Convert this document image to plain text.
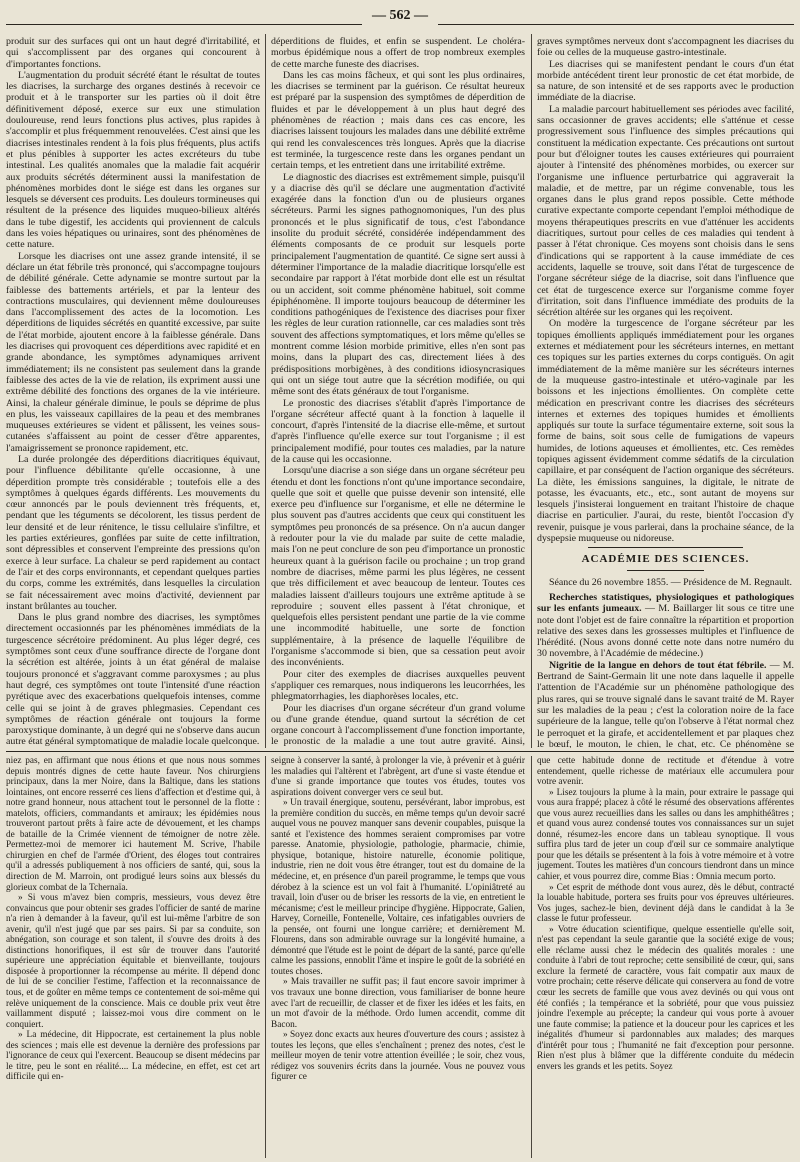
— 562 —

produit sur des surfaces qui ont un haut degré d'irritabilité, et qui s'accomplissent par des organes qui concourent à d'importantes fonctions.

L'augmentation du produit sécrété étant le résultat de toutes les diacrises, la surcharge des organes destinés à recevoir ce produit et à le transporter sur les parties où il doit être définitivement déposé, exerce sur eux une stimulation douloureuse, rend leurs fonctions plus actives, plus rapides à s'accomplir et plus fréquemment renouvelées. C'est ainsi que les diacrises intestinales rendent à la fois plus fréquents, plus actifs et plus pénibles à supporter les actes excréteurs du tube intestinal. Les qualités anomales que la maladie fait acquérir aux produits sécrétés déterminent aussi la manifestation de phénomènes morbides dont le siége est dans les organes sur lesquels se déversent ces produits. Les douleurs tormineuses qui résultent de la présence des liquides muqueo-bilieux altérés dans le tube digestif, les accidents qui proviennent de calculs dans les voies hépatiques ou urinaires, sont des phénomènes de cette nature.

Lorsque les diacrises ont une assez grande intensité, il se déclare un état fébrile très prononcé, qui s'accompagne toujours de débilité générale. Cette adynamie se montre surtout par la faiblesse des battements artériels, et par la lenteur des contractions musculaires, qui deviennent même douloureuses dans l'accomplissement des actes de la locomotion. Les déperditions de liquides sécrétés en quantité excessive, par suite de l'état morbide, ajoutent encore à la faiblesse générale. Dans les diacrises qui provoquent ces déperditions avec rapidité et en grande abondance, les symptômes adynamiques arrivent immédiatement; ils ne consistent pas seulement dans la grande faiblesse des actes de la vie de relation, ils expriment aussi une extrême débilité des fonctions des organes de la vie intérieure. Ainsi, la chaleur générale diminue, le pouls se déprime de plus en plus, les vaisseaux capillaires de la peau et des membranes muqueuses extérieures se vident et pâlissent, les veines sous-cutanées s'affaissent au point de cesser d'être apparentes, l'amaigrissement se prononce rapidement, etc.

La durée prolongée des déperditions diacritiques équivaut, pour l'influence débilitante qu'elle occasionne, à une déperdition prompte très considérable ; toutefois elle a des symptômes à quelques égards différents. Les mouvements du cœur annoncés par le pouls deviennent très fréquents, et, pendant que les téguments se décolorent, les tissus perdent de leur densité et de leur rénitence, le tissu cellulaire s'infiltre, et les parties extérieures, gonflées par suite de cette infiltration, sont dépressibles et conservent l'empreinte des pressions qu'on exerce à leur surface. La chaleur se perd rapidement au contact de l'air et des corps environnants, et cependant quelques parties du corps, comme les extrémités, dans lesquelles la circulation se fait nécessairement avec moins d'activité, deviennent par instant brûlantes au toucher.

Dans le plus grand nombre des diacrises, les symptômes directement occasionnés par les phénomènes immédiats de la turgescence sécrétoire prédominent. Au plus léger degré, ces symptômes sont ceux d'une souffrance directe de l'organe dont la sécrétion est altérée, joints à un état général de malaise toujours prononcé et s'aggravant comme paroxysmes ; au plus haut degré, ces symptômes ont toute l'intensité d'une réaction pyrétique avec des exacerbations quelquefois intenses, comme celle qui se joint à de graves phlegmasies. Cependant ces symptômes de réaction générale ont toujours la forme paroxystique dominante, à un degré qui ne s'observe dans aucun autre état général symptomatique de maladie locale quelconque.

déperditions de fluides, et enfin se suspendent. Le choléra-morbus épidémique nous a offert de trop nombreux exemples de cette marche funeste des diacrises.

Dans les cas moins fâcheux, et qui sont les plus ordinaires, les diacrises se terminent par la guérison. Ce résultat heureux est préparé par la suspension des symptômes de déperdition de fluides et par le développement à un plus haut degré des phénomènes de réaction ; mais dans ces cas encore, les diacrises laissent toujours les malades dans une débilité extrême qui rend les convalescences très longues. Après que la diacrise est terminée, la turgescence reste dans les organes pendant un certain temps, et les entretient dans une irritabilité extrême.

Le diagnostic des diacrises est extrêmement simple, puisqu'il y a diacrise dès qu'il se déclare une augmentation d'activité exagérée dans la fonction d'un ou de plusieurs organes sécréteurs. Parmi les signes pathognomoniques, l'un des plus prononcés et le plus significatif de tous, c'est l'abondance insolite du produit sécrété, considérée indépendamment des éléments composants de ce produit sur lesquels porte principalement l'augmentation de quantité. Ce signe sert aussi à déterminer l'importance de la maladie diacritique lorsqu'elle est secondaire par rapport à l'état morbide dont elle est un résultat ou un accident, soit comme phénomène habituel, soit comme épiphénomène. Il importe toujours beaucoup de déterminer les conditions pathogéniques de l'existence des diacrises pour fixer les règles de leur curation rationnelle, car ces maladies sont très souvent des affections symptomatiques, et lors même qu'elles se montrent comme lésion morbide primitive, elles n'en sont pas moins, dans la plupart des cas, directement liées à des prédispositions morbigènes, à des conditions idiosyncrasiques qui ont un siége tout autre que la sécrétion modifiée, ou qui même sont des états généraux de tout l'organisme.

Le pronostic des diacrises s'établit d'après l'importance de l'organe sécréteur affecté quant à la fonction à laquelle il concourt, d'après l'intensité de la diacrise elle-même, et surtout d'après l'influence qu'elle exerce sur tout l'organisme ; il est principalement modifié, pour toutes ces maladies, par la nature de la cause qui les occasionne.

Lorsqu'une diacrise a son siége dans un organe sécréteur peu étendu et dont les fonctions n'ont qu'une importance secondaire, quelle que soit et quelle que puisse devenir son intensité, elle exerce peu d'influence sur l'organisme, et elle ne détermine le plus souvent pas d'autres accidents que ceux qui constituent les symptômes peu prononcés de sa présence. On n'a aucun danger à redouter pour la vie du malade par suite de cette maladie, mais l'on ne peut conclure de son peu d'importance un pronostic heureux quant à la guérison facile ou prochaine ; un trop grand nombre de diacrises, même parmi les plus légères, ne cessent que très difficilement et avec beaucoup de lenteur. Toutes ces maladies laissent d'ailleurs toujours une extrême aptitude à se reproduire ; souvent elles passent à l'état chronique, et quelquefois elles persistent pendant une partie de la vie comme une incommodité habituelle, une sorte de fonction supplémentaire, à la présence de laquelle l'équilibre de l'organisme s'accommode si bien, que sa cessation peut avoir des inconvénients.

Pour citer des exemples de diacrises auxquelles peuvent s'appliquer ces remarques, nous indiquerons les leucorrhées, les phlegmatorrhagies, les diaphorèses locales, etc.

Pour les diacrises d'un organe sécréteur d'un grand volume ou d'une grande étendue, quand surtout la sécrétion de cet organe concourt à l'accomplissement d'une fonction importante, le pronostic de la maladie a une tout autre gravité. Ainsi,

graves symptômes nerveux dont s'accompagnent les diacrises du foie ou celles de la muqueuse gastro-intestinale.

Les diacrises qui se manifestent pendant le cours d'un état morbide antécédent tirent leur pronostic de cet état morbide, de sa nature, de son intensité et de ses rapports avec le production immédiate de la diacrise.

La maladie parcourt habituellement ses périodes avec facilité, sans occasionner de graves accidents; elle s'atténue et cesse progressivement sous l'influence des simples précautions qui constituent la médication expectante. Ces précautions ont surtout pour but d'éloigner toutes les causes extérieures qui pourraient ajouter à l'intensité des phénomènes morbides, ou exercer sur l'organisme une influence perturbatrice qui aggraverait la maladie, et de mettre, par un régime convenable, tous les organes dans le plus grand repos possible. Cette méthode curative expectante comporte cependant l'emploi méthodique de moyens thérapeutiques prescrits en vue d'atténuer les accidents diacritiques, surtout pour celles de ces maladies qui tendent à passer à l'état chronique. Ces moyens sont choisis dans le sens d'indications qui se rapportent à la cause immédiate de ces accidents, laquelle se trouve, soit dans l'état de turgescence de l'organe sécréteur siége de la diacrise, soit dans l'influence que cet état de turgescence exerce sur l'organisme comme foyer d'irritation, soit dans l'influence immédiate des produits de la sécrétion altérée sur les organes qui les reçoivent.

On modère la turgescence de l'organe sécréteur par les topiques émollients appliqués immédiatement pour les organes externes et médiatement pour les sécréteurs internes, en mettant ces topiques sur les parties externes du corps contiguës. On agit immédiatement de la même manière sur les sécréteurs internes de la muqueuse gastro-intestinale et utéro-vaginale par les boissons et les injections émollientes. On complète cette médication en prescrivant contre les diacrises des sécréteurs internes et externes des topiques humides et émollients appliqués sur toute la surface tégumentaire externe, soit sous la forme de bains, soit sous celle de fumigations de vapeurs humides, de lotions aqueuses et émollientes, etc. Ces remèdes topiques agissent évidemment comme sédatifs de la circulation capillaire, et par conséquent de l'action organique des sécréteurs. La diète, les émissions sanguines, la digitale, le nitrate de potasse, les évacuants, etc., etc., sont autant de moyens sur lesquels j'insisterai longuement en traitant l'histoire de chaque diacrise en particulier. J'aurai, du reste, bientôt l'occasion d'y revenir, puisque je vous parlerai, dans la prochaine séance, de la dyspepsie muqueuse ou nidoreuse.

ACADÉMIE DES SCIENCES.

Séance du 26 novembre 1855. — Présidence de M. Regnault.

Recherches statistiques, physiologiques et pathologiques sur les enfants jumeaux. — M. Baillarger lit sous ce titre une note dont l'objet est de faire connaître la répartition et proportion relative des sexes dans les grossesses multiples et l'influence de l'hérédité. (Nous avons donné cette note dans notre numéro du 30 novembre, à l'Académie de médecine.)

Nigritie de la langue en dehors de tout état fébrile. — M. Bertrand de Saint-Germain lit une note dans laquelle il appelle l'attention de l'Académie sur un phénomène pathologique des plus rares, qui se trouve signalé dans le savant traité de M. Rayer sur les maladies de la peau ; c'est la coloration noire de la face supérieure de la langue, telle qu'on l'observe à l'état normal chez le perroquet et la girafe, et accidentellement et par plaques chez le bœuf, le mouton, le chien, le chat, etc. Ce phénomène se

niez pas, en affirmant que nous étions et que nous nous sommes depuis montrés dignes de cette haute faveur. Nos chirurgiens principaux, dans la mer Noire, dans la Baltique, dans les stations lointaines, ont encore resserré ces liens d'affection et d'estime qui, à notre grand honneur, nous attachent tout le personnel de la flotte : matelots, officiers, commandants et amiraux; les épidémies nous trouveront partout prêts à faire acte de dévouement, et les champs de bataille de la Crimée viennent de témoigner de notre zèle. Permettez-moi de memorer ici hautement M. Scrive, l'habile chirurgien en chef de l'armée d'Orient, des éloges tout contraires qu'il a adressés publiquement à nos officiers de santé, qui, sous la direction de M. Marroin, ont prodigué leurs soins aux blessés du glorieux combat de la Tchernaïa.

» Si vous m'avez bien compris, messieurs, vous devez être convaincus que pour obtenir ses grades l'officier de santé de marine n'a rien à demander à la faveur, qu'il est lui-même l'arbitre de son avenir, qu'il n'est jugé que par ses pairs. Si par sa conduite, son abnégation, son courage et son talent, il s'ouvre des droits à des distinctions honorifiques, il est sûr de trouver dans l'autorité supérieure une appréciation équitable et bienveillante, toujours disposée à proportionner la récompense au mérite. Il dépend donc de lui de se concilier l'estime, l'affection et la reconnaissance de tous, et de goûter en même temps ce contentement de soi-même qui relève uniquement de la conscience. Mais ce double prix veut être vaillamment disputé ; laissez-moi vous dire comment on le conquiert.

» La médecine, dit Hippocrate, est certainement la plus noble des sciences ; mais elle est devenue la dernière des professions par l'ignorance de ceux qui l'exercent. Beaucoup se disent médecins par le titre, peu le sont en réalité.... La médecine, en effet, est cet art difficile qui en-

seigne à conserver la santé, à prolonger la vie, à prévenir et à guérir les maladies qui l'altèrent et l'abrègent, art d'une si vaste étendue et d'une si grande importance que toutes vos études, toutes vos aspirations doivent converger vers ce seul but.

» Un travail énergique, soutenu, persévérant, labor improbus, est la première condition du succès, en même temps qu'un devoir sacré auquel vous ne pouvez manquer sans devenir coupables, puisque la santé et l'existence des hommes seraient compromises par votre paresse. Anatomie, physiologie, pathologie, pharmacie, chimie, physique, botanique, histoire naturelle, économie politique, industrie, rien ne doit vous être étranger, tout est du domaine de la médecine, et, en présence d'un pareil programme, le temps que vous dérobez à la science est un vol fait à l'humanité. L'opiniâtreté au travail, loin d'user ou de briser les ressorts de la vie, en entretient le mécanisme; c'est le meilleur principe d'hygiène. Hippocrate, Galien, Harvey, Corneille, Fontenelle, Voltaire, ces infatigables ouvriers de la pensée, ont fourni une longue carrière; et dernièrement M. Flourens, dans son admirable ouvrage sur la longévité humaine, a démontré que l'étude est le point de départ de la santé, parce qu'elle calme les passions, ennoblit l'âme et inspire le goût de la sobriété en toutes choses.

» Mais travailler ne suffit pas; il faut encore savoir imprimer à vos travaux une bonne direction, vous familiariser de bonne heure avec l'art de recueillir, de classer et de fixer les idées et les faits, en un mot d'avoir de la méthode. Ordo lumen accendit, comme dit Bacon.

» Soyez donc exacts aux heures d'ouverture des cours ; assistez à toutes les leçons, que elles s'enchaînent ; prenez des notes, c'est le meilleur moyen de tenir votre attention éveillée ; le soir, chez vous, rédigez vos souvenirs écrits dans la journée. Vous ne pouvez vous figurer ce

que cette habitude donne de rectitude et d'étendue à votre entendement, quelle richesse de matériaux elle accumulera pour votre avenir.

» Lisez toujours la plume à la main, pour extraire le passage qui vous aura frappé; placez à côté le résumé des observations afférentes que vous aurez recueillies dans les salles ou dans les amphithéâtres ; et quand vous aurez condensé toutes vos connaissances sur un sujet donné, résumez-les encore dans un tableau synoptique. Il vous suffira plus tard de jeter un coup d'œil sur ce sommaire analytique pour que les détails se présentent à la fois à votre mémoire et à votre jugement. Toutes les matières d'un concours tiendront dans un mince cahier, et vous pourrez dire, comme Bias : Omnia mecum porto.

» Cet esprit de méthode dont vous aurez, dès le début, contracté la louable habitude, portera ses fruits pour vos épreuves ultérieures. Vos juges, sachez-le bien, devinent déjà dans le candidat à la 3e classe le futur professeur.

» Votre éducation scientifique, quelque essentielle qu'elle soit, n'est pas cependant la seule garantie que la société exige de vous; elle réclame aussi chez le médecin des qualités morales : une conduite à l'abri de tout reproche; cette sensibilité de cœur, qui, sans exclure la fermeté de caractère, vous fait compatir aux maux de votre prochain; cette réserve délicate qui conservera au fond de votre cœur les secrets de famille que vous avez devinés ou qui vous ont été confiés ; la tempérance et la sobriété, pour que vous puissiez joindre l'exemple au précepte; la candeur qui vous porte à avouer une faute commise; la patience et la douceur pour les caprices et les inégalités d'humeur si pardonnables aux malades; des marques d'intérêt pour tous ; l'humanité ne fait d'exception pour personne. Rien n'est plus à blâmer que la différente conduite du médecin envers les grands et les petits. Soyez
